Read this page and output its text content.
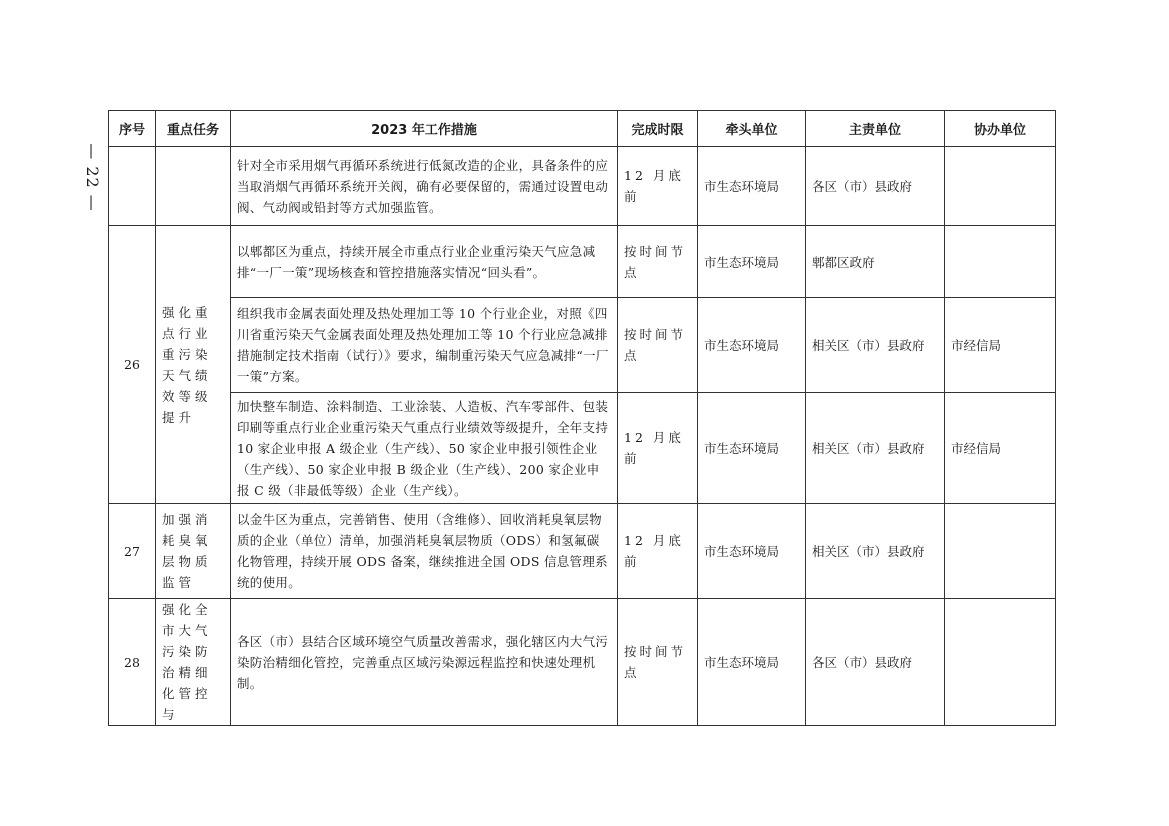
— 22 —
序号	重点任务	2023 年工作措施	完成时限	牵头单位	主责单位	协办单位
		针对全市采用烟气再循环系统进行低氮改造的企业，具备条件的应当取消烟气再循环系统开关阀，确有必要保留的，需通过设置电动阀、气动阀或铅封等方式加强监管。	12 月底前	市生态环境局	各区（市）县政府	
26	强化重点行业重污染天气绩效等级提升	以郫都区为重点，持续开展全市重点行业企业重污染天气应急减排“一厂一策”现场核查和管控措施落实情况“回头看”。	按时间节点	市生态环境局	郫都区政府	
		组织我市金属表面处理及热处理加工等 10 个行业企业，对照《四川省重污染天气金属表面处理及热处理加工等 10 个行业应急减排措施制定技术指南（试行）》要求，编制重污染天气应急减排“一厂一策”方案。	按时间节点	市生态环境局	相关区（市）县政府	市经信局
		加快整车制造、涂料制造、工业涂装、人造板、汽车零部件、包装印刷等重点行业企业重污染天气重点行业绩效等级提升，全年支持 10 家企业申报 A 级企业（生产线）、50 家企业申报引领性企业（生产线）、50 家企业申报 B 级企业（生产线）、200 家企业申报 C 级（非最低等级）企业（生产线）。	12 月底前	市生态环境局	相关区（市）县政府	市经信局
27	加强消耗臭氧层物质监管	以金牛区为重点，完善销售、使用（含维修）、回收消耗臭氧层物质的企业（单位）清单，加强消耗臭氧层物质（ODS）和氢氟碳化物管理，持续开展 ODS 备案，继续推进全国 ODS 信息管理系统的使用。	12 月底前	市生态环境局	相关区（市）县政府	
28	强化全市大气污染防治精细化管控与	各区（市）县结合区域环境空气质量改善需求，强化辖区内大气污染防治精细化管控，完善重点区域污染源远程监控和快速处理机制。	按时间节点	市生态环境局	各区（市）县政府	
